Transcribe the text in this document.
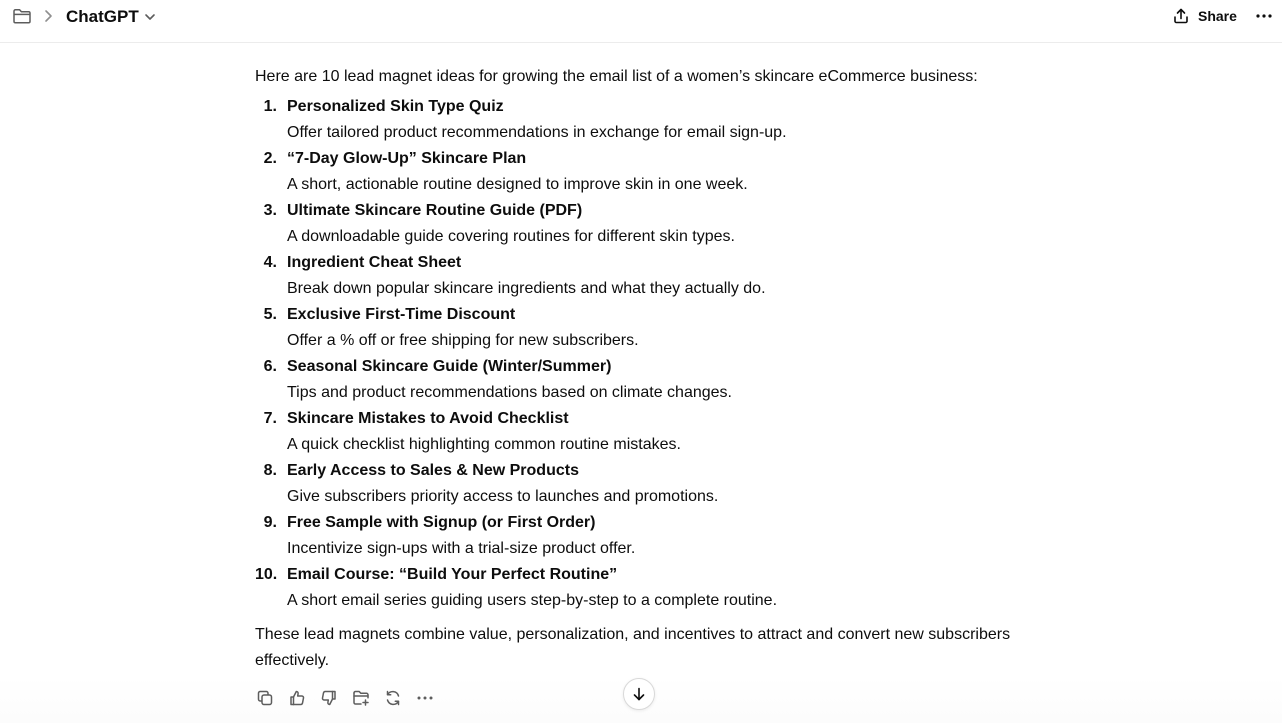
ChatGPT	Share

Here are 10 lead magnet ideas for growing the email list of a women’s skincare eCommerce business:

1. Personalized Skin Type Quiz
Offer tailored product recommendations in exchange for email sign-up.
2. “7-Day Glow-Up” Skincare Plan
A short, actionable routine designed to improve skin in one week.
3. Ultimate Skincare Routine Guide (PDF)
A downloadable guide covering routines for different skin types.
4. Ingredient Cheat Sheet
Break down popular skincare ingredients and what they actually do.
5. Exclusive First-Time Discount
Offer a % off or free shipping for new subscribers.
6. Seasonal Skincare Guide (Winter/Summer)
Tips and product recommendations based on climate changes.
7. Skincare Mistakes to Avoid Checklist
A quick checklist highlighting common routine mistakes.
8. Early Access to Sales & New Products
Give subscribers priority access to launches and promotions.
9. Free Sample with Signup (or First Order)
Incentivize sign-ups with a trial-size product offer.
10. Email Course: “Build Your Perfect Routine”
A short email series guiding users step-by-step to a complete routine.

These lead magnets combine value, personalization, and incentives to attract and convert new subscribers effectively.
